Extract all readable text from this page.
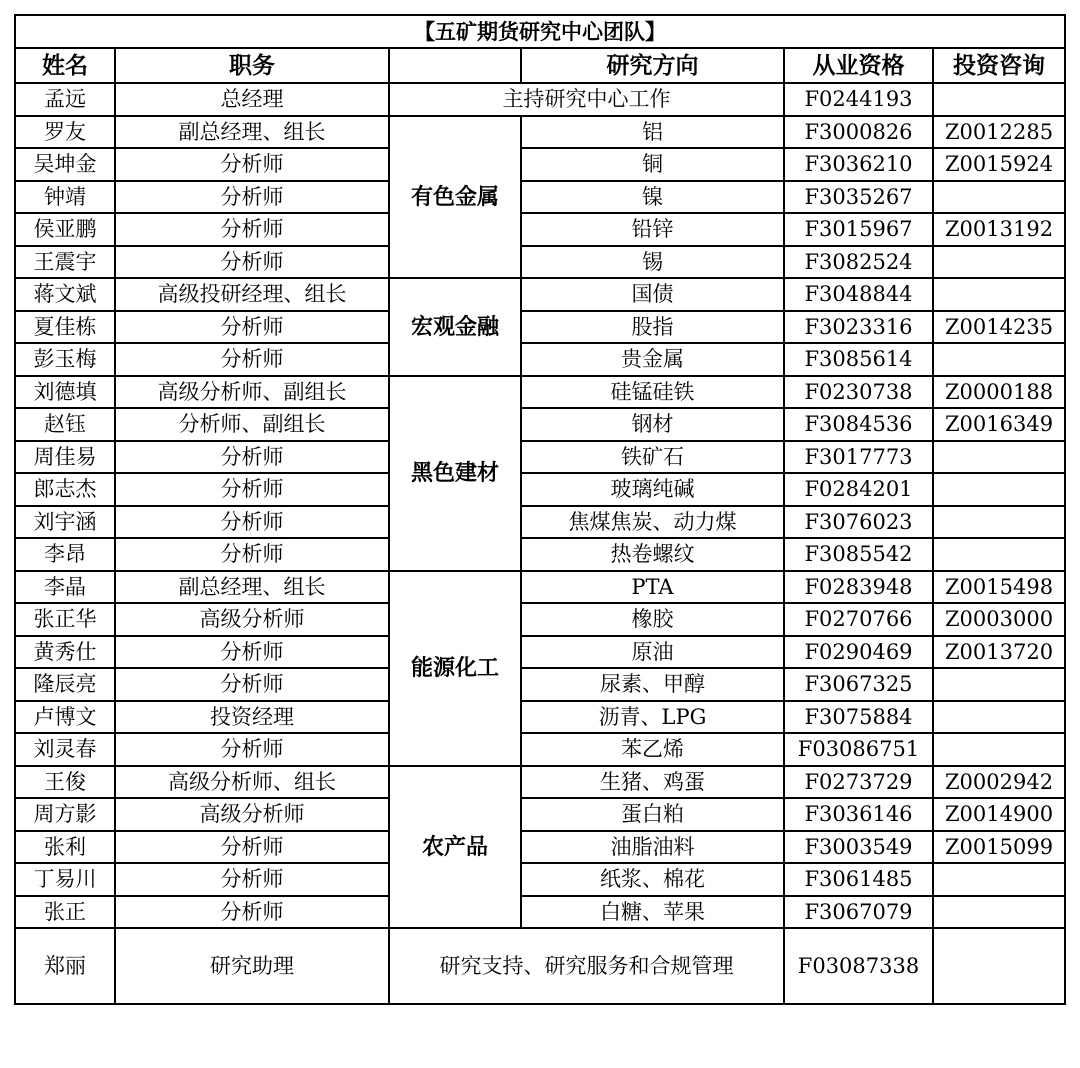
【五矿期货研究中心团队】					
姓名	职务		研究方向	从业资格	投资咨询
孟远	总经理	主持研究中心工作		F0244193	
罗友	副总经理、组长	有色金属	铝	F3000826	Z0012285
吴坤金	分析师		铜	F3036210	Z0015924
钟靖	分析师		镍	F3035267	
侯亚鹏	分析师		铅锌	F3015967	Z0013192
王震宇	分析师		锡	F3082524	
蒋文斌	高级投研经理、组长	宏观金融	国债	F3048844	
夏佳栋	分析师		股指	F3023316	Z0014235
彭玉梅	分析师		贵金属	F3085614	
刘德填	高级分析师、副组长	黑色建材	硅锰硅铁	F0230738	Z0000188
赵钰	分析师、副组长		钢材	F3084536	Z0016349
周佳易	分析师		铁矿石	F3017773	
郎志杰	分析师		玻璃纯碱	F0284201	
刘宇涵	分析师		焦煤焦炭、动力煤	F3076023	
李昂	分析师		热卷螺纹	F3085542	
李晶	副总经理、组长	能源化工	PTA	F0283948	Z0015498
张正华	高级分析师		橡胶	F0270766	Z0003000
黄秀仕	分析师		原油	F0290469	Z0013720
隆辰亮	分析师		尿素、甲醇	F3067325	
卢博文	投资经理		沥青、LPG	F3075884	
刘灵春	分析师		苯乙烯	F03086751	
王俊	高级分析师、组长	农产品	生猪、鸡蛋	F0273729	Z0002942
周方影	高级分析师		蛋白粕	F3036146	Z0014900
张利	分析师		油脂油料	F3003549	Z0015099
丁易川	分析师		纸浆、棉花	F3061485	
张正	分析师		白糖、苹果	F3067079	
郑丽	研究助理	研究支持、研究服务和合规管理		F03087338	
